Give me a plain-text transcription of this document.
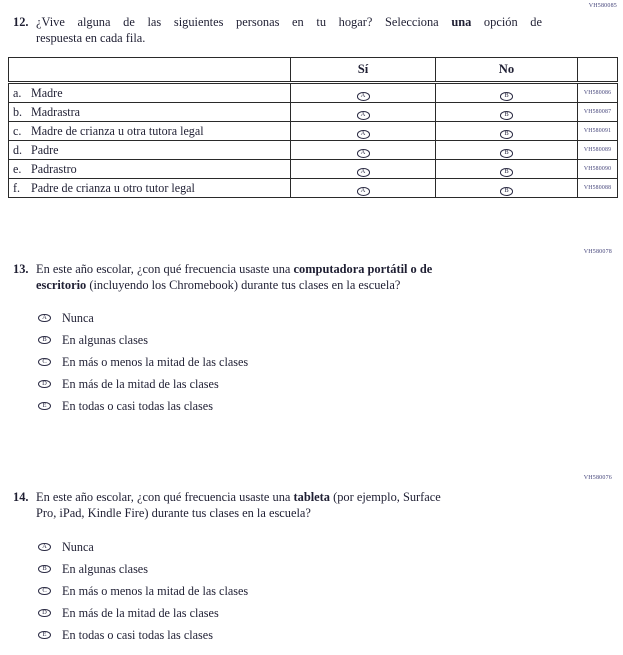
VH580085
12. ¿Vive alguna de las siguientes personas en tu hogar? Selecciona una opción de
respuesta en cada fila.
	Sí	No	

a. Madre	A	B	VH580086

b. Madrastra	A	B	VH580087

c. Madre de crianza u otra tutora legal	A	B	VH580091

d. Padre	A	B	VH580089

e. Padrastro	A	B	VH580090

f. Padre de crianza u otro tutor legal	A	B	VH580088
VH580078
13. En este año escolar, ¿con qué frecuencia usaste una computadora portátil o de
escritorio (incluyendo los Chromebook) durante tus clases en la escuela?
A	Nunca
B	En algunas clases
C	En más o menos la mitad de las clases
D	En más de la mitad de las clases
E	En todas o casi todas las clases
VH580076
14. En este año escolar, ¿con qué frecuencia usaste una tableta (por ejemplo, Surface
Pro, iPad, Kindle Fire) durante tus clases en la escuela?
A	Nunca
B	En algunas clases
C	En más o menos la mitad de las clases
D	En más de la mitad de las clases
E	En todas o casi todas las clases
